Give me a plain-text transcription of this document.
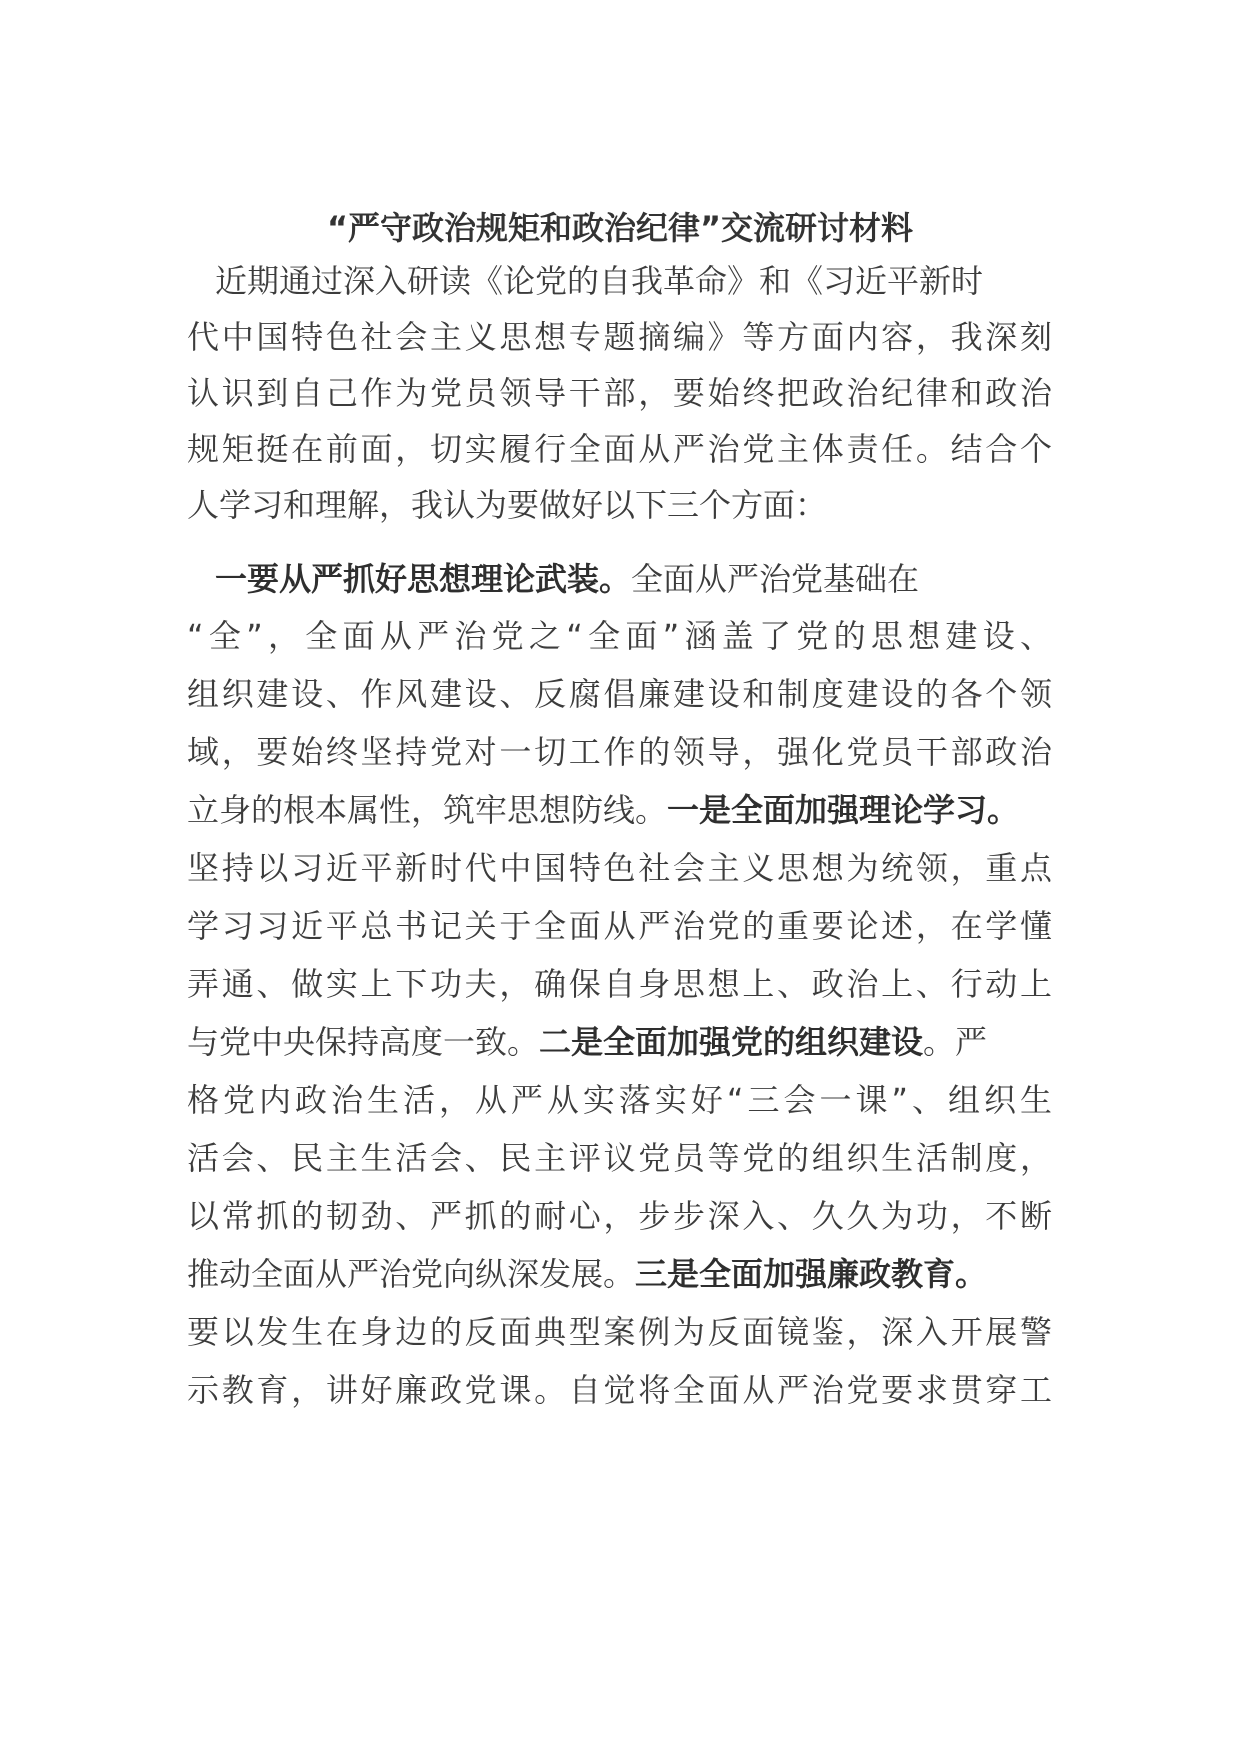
“严守政治规矩和政治纪律”交流研讨材料
近期通过深入研读《论党的自我革命》和《习近平新时
代中国特色社会主义思想专题摘编》等方面内容，我深刻
认识到自己作为党员领导干部，要始终把政治纪律和政治
规矩挺在前面，切实履行全面从严治党主体责任。结合个
人学习和理解，我认为要做好以下三个方面：
一要从严抓好思想理论武装。全面从严治党基础在
“全”，全面从严治党之“全面”涵盖了党的思想建设、
组织建设、作风建设、反腐倡廉建设和制度建设的各个领
域，要始终坚持党对一切工作的领导，强化党员干部政治
立身的根本属性，筑牢思想防线。一是全面加强理论学习。
坚持以习近平新时代中国特色社会主义思想为统领，重点
学习习近平总书记关于全面从严治党的重要论述，在学懂
弄通、做实上下功夫，确保自身思想上、政治上、行动上
与党中央保持高度一致。二是全面加强党的组织建设。严
格党内政治生活，从严从实落实好“三会一课”、组织生
活会、民主生活会、民主评议党员等党的组织生活制度，
以常抓的韧劲、严抓的耐心，步步深入、久久为功，不断
推动全面从严治党向纵深发展。三是全面加强廉政教育。
要以发生在身边的反面典型案例为反面镜鉴，深入开展警
示教育，讲好廉政党课。自觉将全面从严治党要求贯穿工
